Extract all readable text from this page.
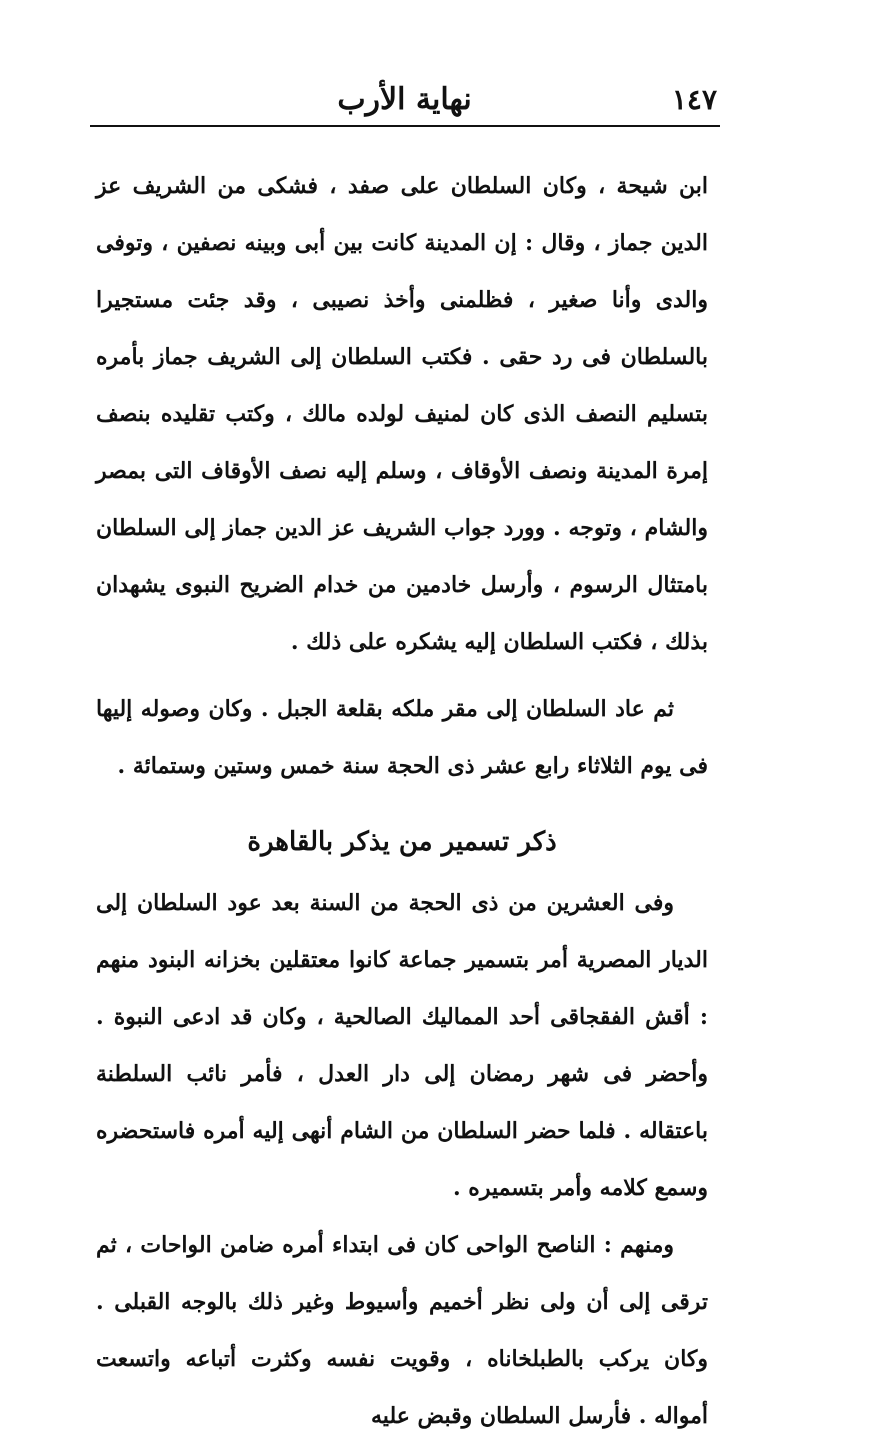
نهاية الأرب	١٤٧

ابن شيحة ، وكان السلطان على صفد ، فشكى من الشريف عز الدين جماز ، وقال : إن المدينة كانت بين أبى وبينه نصفين ، وتوفى والدى وأنا صغير ، فظلمنى وأخذ نصيبى ، وقد جئت مستجيرا بالسلطان فى رد حقى . فكتب السلطان إلى الشريف جماز بأمره بتسليم النصف الذى كان لمنيف لولده مالك ، وكتب تقليده بنصف إمرة المدينة ونصف الأوقاف ، وسلم إليه نصف الأوقاف التى بمصر والشام ، وتوجه . وورد جواب الشريف عز الدين جماز إلى السلطان بامتثال الرسوم ، وأرسل خادمين من خدام الضريح النبوى يشهدان بذلك ، فكتب السلطان إليه يشكره على ذلك .

ثم عاد السلطان إلى مقر ملكه بقلعة الجبل . وكان وصوله إليها فى يوم الثلاثاء رابع عشر ذى الحجة سنة خمس وستين وستمائة .

ذكر تسمير من يذكر بالقاهرة

وفى العشرين من ذى الحجة من السنة بعد عود السلطان إلى الديار المصرية أمر بتسمير جماعة كانوا معتقلين بخزانه البنود منهم : أقش الفقجاقى أحد المماليك الصالحية ، وكان قد ادعى النبوة . وأحضر فى شهر رمضان إلى دار العدل ، فأمر نائب السلطنة باعتقاله . فلما حضر السلطان من الشام أنهى إليه أمره فاستحضره وسمع كلامه وأمر بتسميره .

ومنهم : الناصح الواحى كان فى ابتداء أمره ضامن الواحات ، ثم ترقى إلى أن ولى نظر أخميم وأسيوط وغير ذلك بالوجه القبلى . وكان يركب بالطبلخاناه ، وقويت نفسه وكثرت أتباعه واتسعت أمواله . فأرسل السلطان وقبض عليه
